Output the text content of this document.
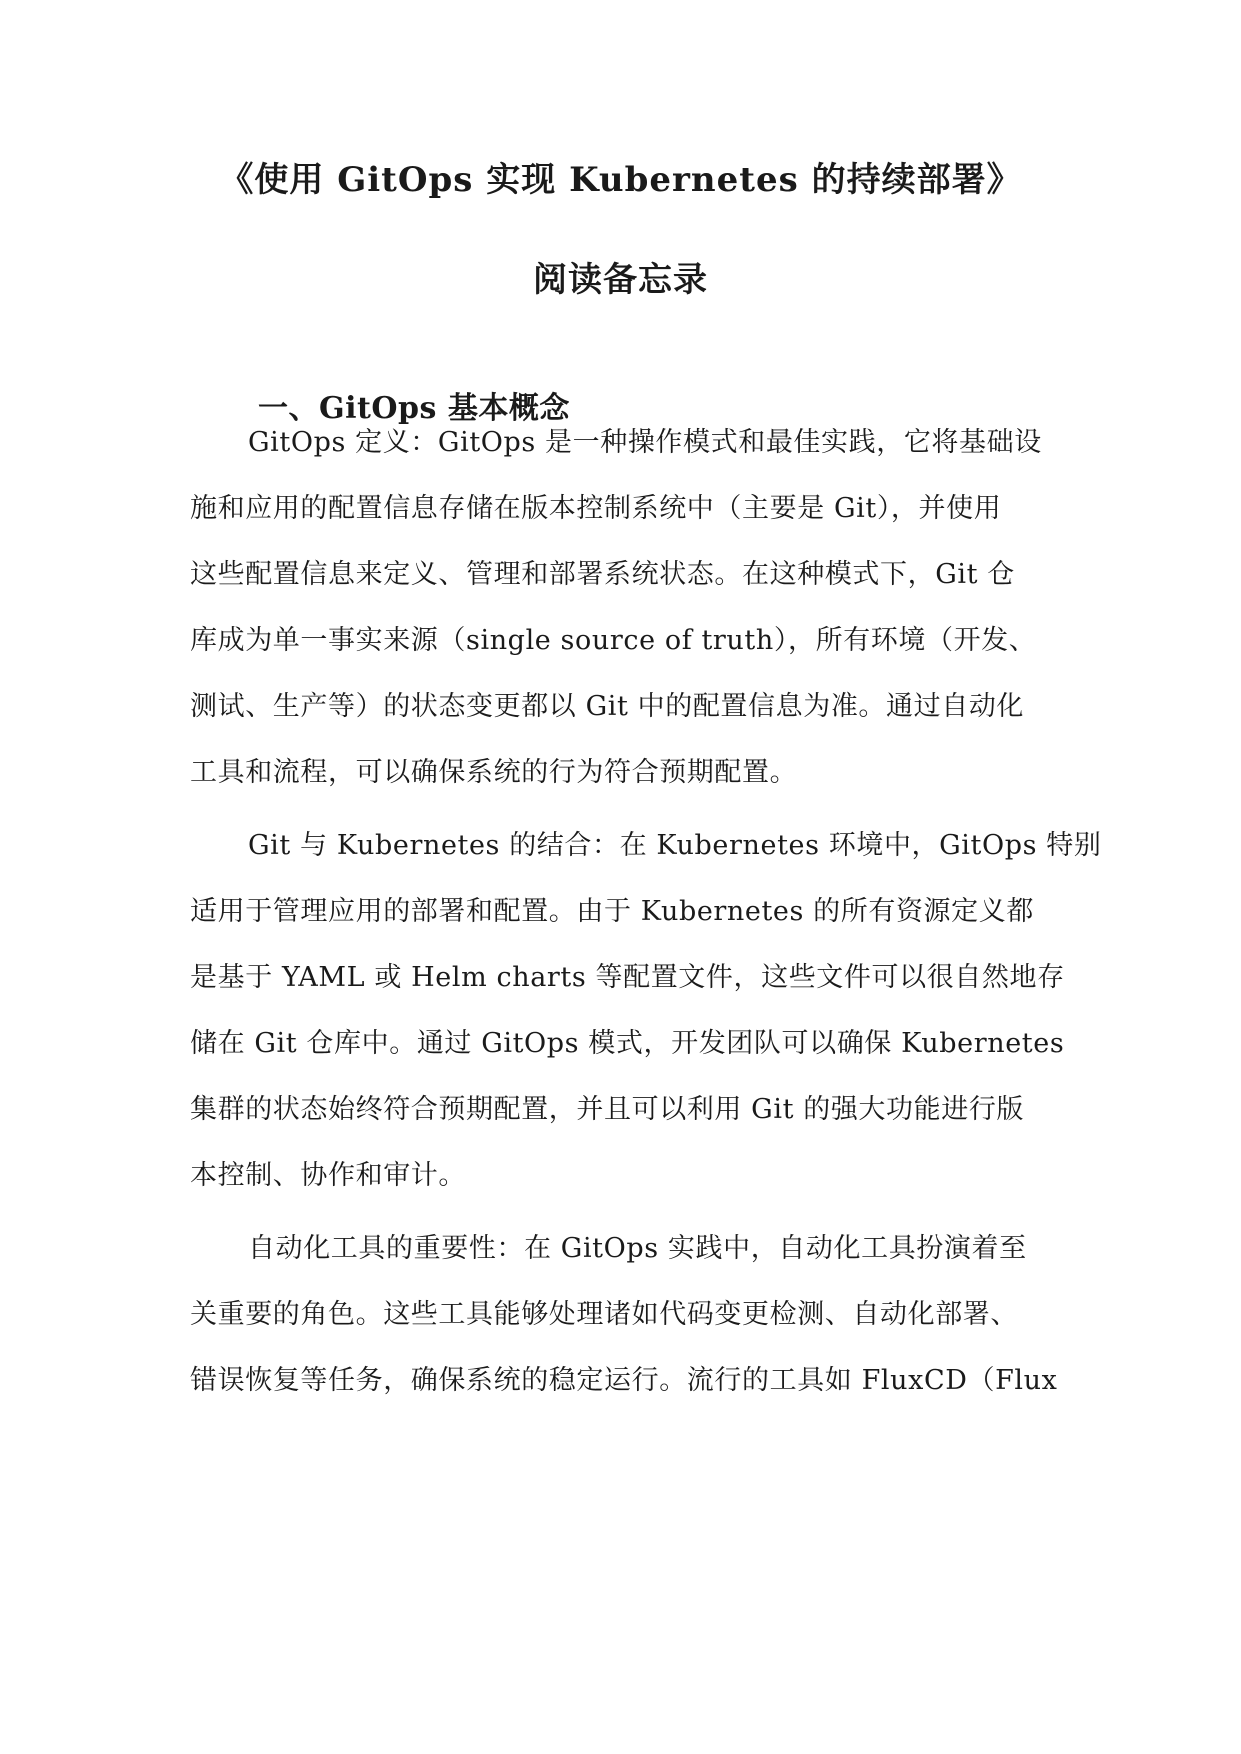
《使用 GitOps 实现 Kubernetes 的持续部署》
阅读备忘录
一、GitOps 基本概念
GitOps 定义：GitOps 是一种操作模式和最佳实践，它将基础设
施和应用的配置信息存储在版本控制系统中（主要是 Git），并使用
这些配置信息来定义、管理和部署系统状态。在这种模式下，Git 仓
库成为单一事实来源（single source of truth），所有环境（开发、
测试、生产等）的状态变更都以 Git 中的配置信息为准。通过自动化
工具和流程，可以确保系统的行为符合预期配置。
Git 与 Kubernetes 的结合：在 Kubernetes 环境中，GitOps 特别
适用于管理应用的部署和配置。由于 Kubernetes 的所有资源定义都
是基于 YAML 或 Helm charts 等配置文件，这些文件可以很自然地存
储在 Git 仓库中。通过 GitOps 模式，开发团队可以确保 Kubernetes
集群的状态始终符合预期配置，并且可以利用 Git 的强大功能进行版
本控制、协作和审计。
自动化工具的重要性：在 GitOps 实践中，自动化工具扮演着至
关重要的角色。这些工具能够处理诸如代码变更检测、自动化部署、
错误恢复等任务，确保系统的稳定运行。流行的工具如 FluxCD（Flux
